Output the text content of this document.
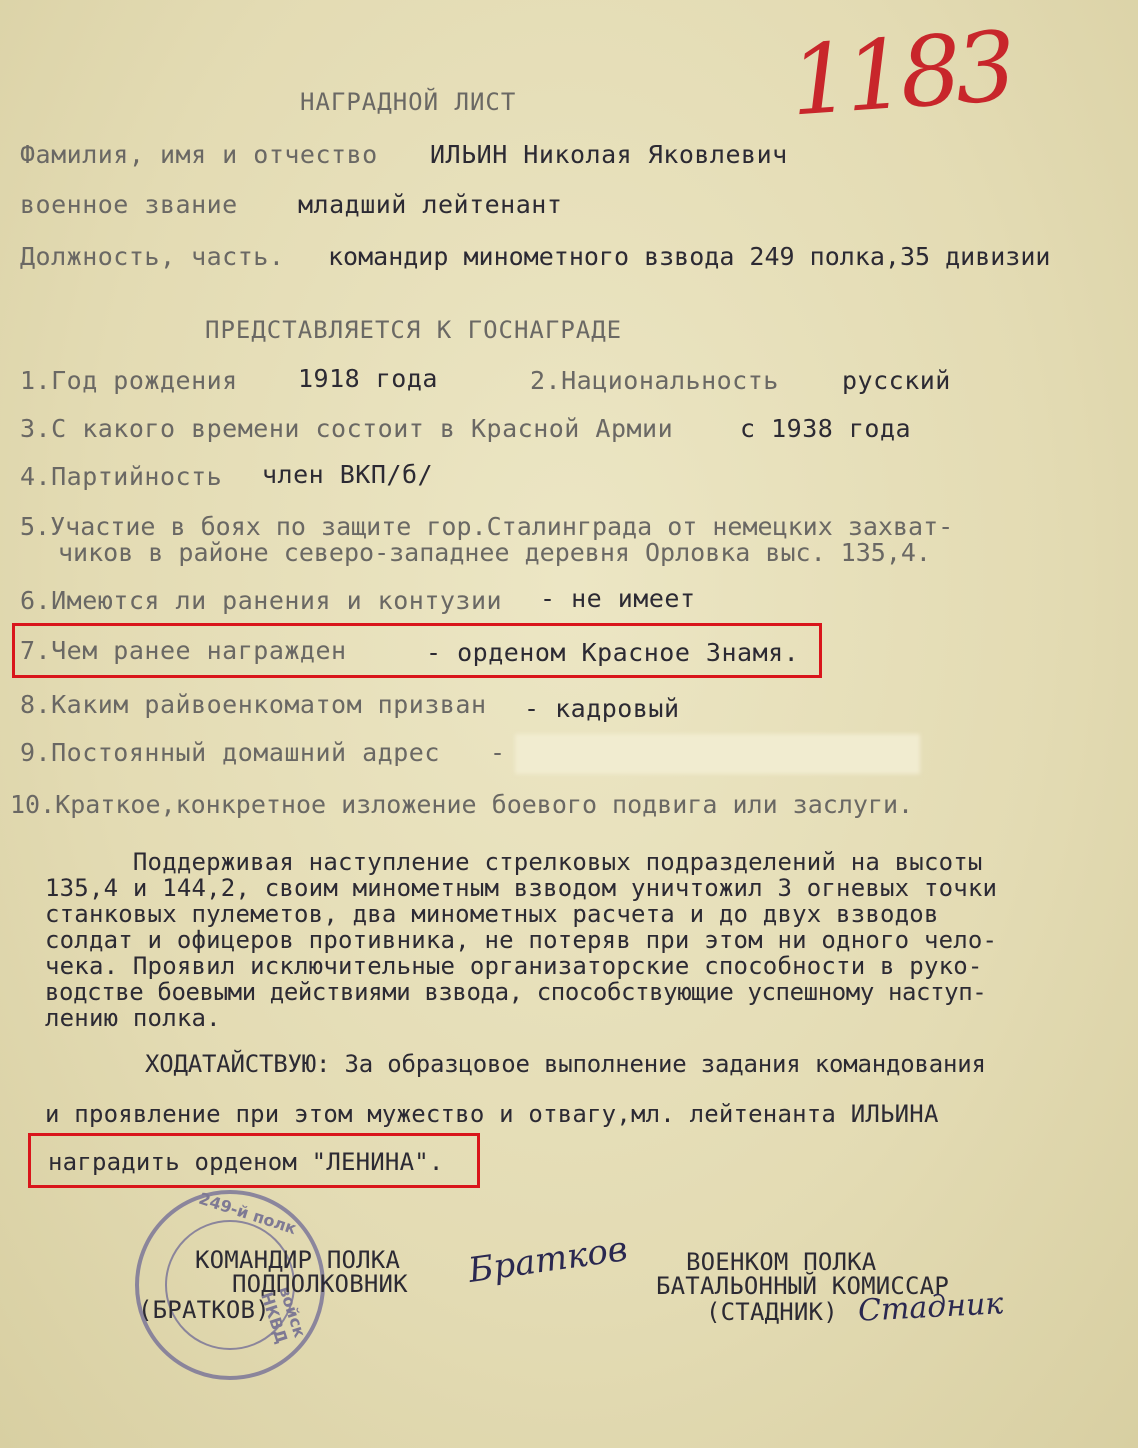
1183
НАГРАДНОЙ ЛИСТ
Фамилия, имя и отчество ИЛЬИН Николая Яковлевич
военное звание младший лейтенант
Должность, часть. командир минометного взвода 249 полка,35 дивизии
ПРЕДСТАВЛЯЕТСЯ К ГОСНАГРАДЕ
1.Год рождения 1918 года	2.Национальность	русский
3.С какого времени состоит в Красной Армии	с 1938 года
4.Партийность член ВКП/б/
5.Участие в боях по защите гор.Сталинграда от немецких захват-
чиков в районе северо-западнее деревня Орловка выс. 135,4.
6.Имеются ли ранения и контузии - не имеет
7.Чем ранее награжден	- орденом Красное Знамя.
8.Каким райвоенкоматом призван - кадровый
9.Постоянный домашний адрес -
10.Краткое,конкретное изложение боевого подвига или заслуги.
Поддерживая наступление стрелковых подразделений на высоты
135,4 и 144,2, своим минометным взводом уничтожил 3 огневых точки
станковых пулеметов, два минометных расчета и до двух взводов
солдат и офицеров противника, не потеряв при этом ни одного чело-
чека. Проявил исключительные организаторские способности в руко-
водстве боевыми действиями взвода, способствующие успешному наступ-
лению полка.
ХОДАТАЙСТВУЮ: За образцовое выполнение задания командования
и проявление при этом мужество и отвагу,мл. лейтенанта ИЛЬИНА
наградить орденом "ЛЕНИНА".
249-й полк
войск НКВД
КОМАНДИР ПОЛКА
ПОДПОЛКОВНИК
(БРАТКОВ)
Братков ВОЕНКОМ ПОЛКА
БАТАЛЬОННЫЙ КОМИССАР
(СТАДНИК) Стадник
